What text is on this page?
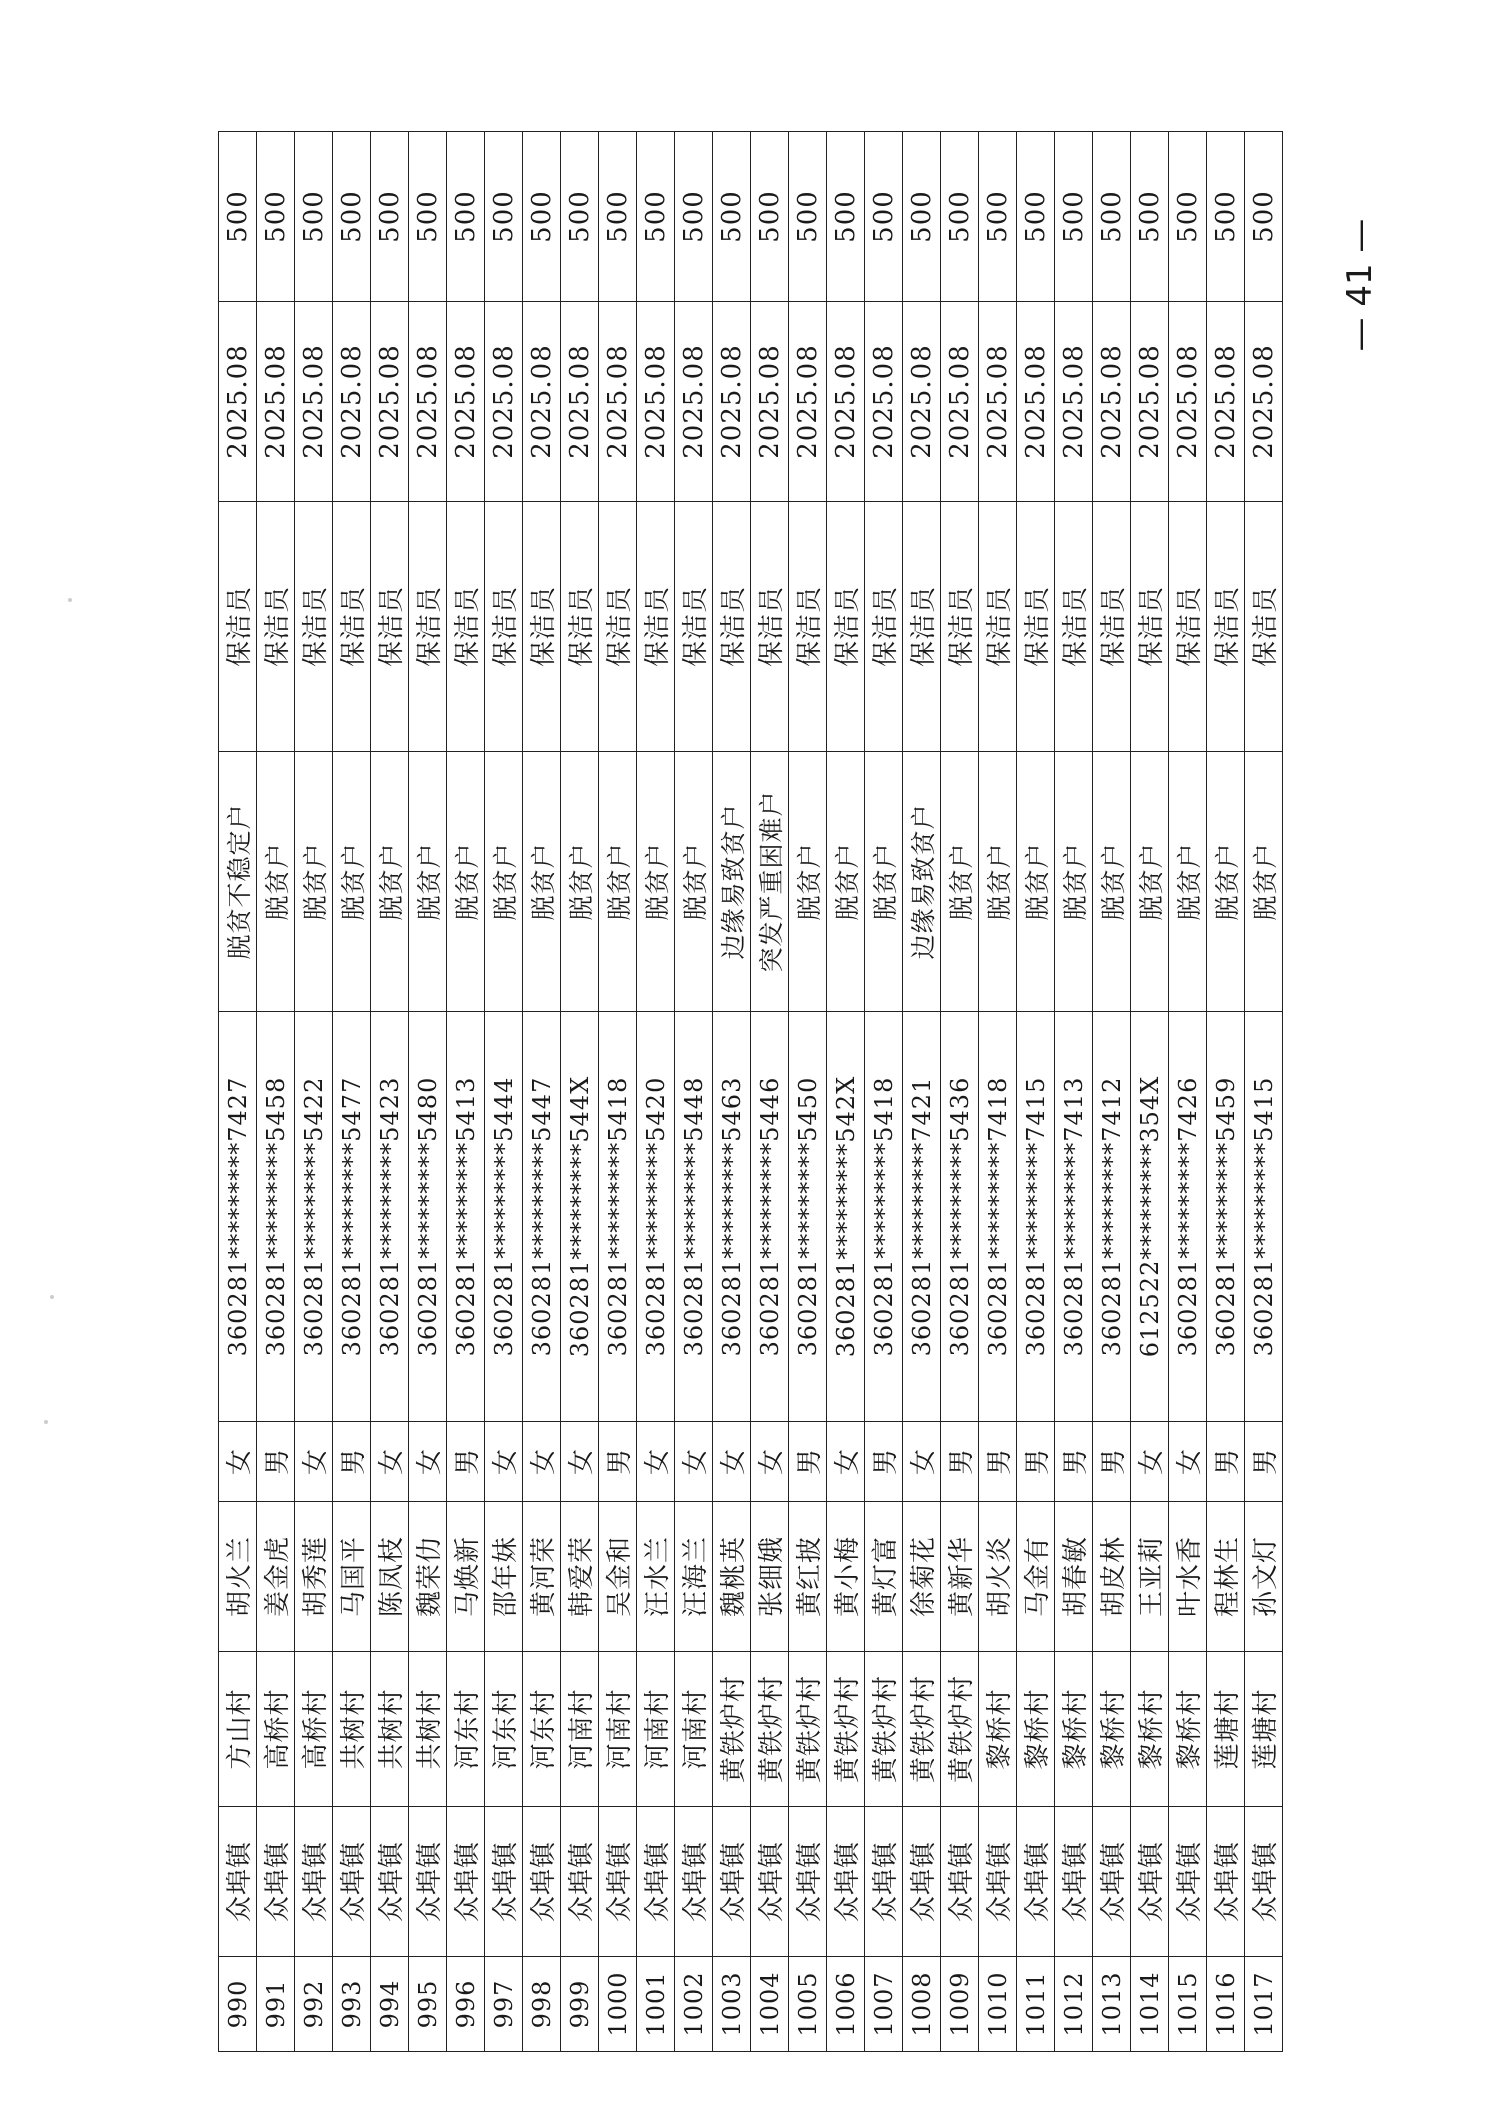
990	众埠镇	方山村	胡火兰	女	360281*********7427	脱贫不稳定户	保洁员	2025.08	500
991	众埠镇	高桥村	姜金虎	男	360281*********5458	脱贫户	保洁员	2025.08	500
992	众埠镇	高桥村	胡秀莲	女	360281*********5422	脱贫户	保洁员	2025.08	500
993	众埠镇	共树村	马国平	男	360281*********5477	脱贫户	保洁员	2025.08	500
994	众埠镇	共树村	陈凤枝	女	360281*********5423	脱贫户	保洁员	2025.08	500
995	众埠镇	共树村	魏荣仂	女	360281*********5480	脱贫户	保洁员	2025.08	500
996	众埠镇	河东村	马焕新	男	360281*********5413	脱贫户	保洁员	2025.08	500
997	众埠镇	河东村	邵年妹	女	360281*********5444	脱贫户	保洁员	2025.08	500
998	众埠镇	河东村	黄河荣	女	360281*********5447	脱贫户	保洁员	2025.08	500
999	众埠镇	河南村	韩爱荣	女	360281*********544X	脱贫户	保洁员	2025.08	500
1000	众埠镇	河南村	吴金和	男	360281*********5418	脱贫户	保洁员	2025.08	500
1001	众埠镇	河南村	汪水兰	女	360281*********5420	脱贫户	保洁员	2025.08	500
1002	众埠镇	河南村	汪海兰	女	360281*********5448	脱贫户	保洁员	2025.08	500
1003	众埠镇	黄铁炉村	魏桃英	女	360281*********5463	边缘易致贫户	保洁员	2025.08	500
1004	众埠镇	黄铁炉村	张细娥	女	360281*********5446	突发严重困难户	保洁员	2025.08	500
1005	众埠镇	黄铁炉村	黄红披	男	360281*********5450	脱贫户	保洁员	2025.08	500
1006	众埠镇	黄铁炉村	黄小梅	女	360281*********542X	脱贫户	保洁员	2025.08	500
1007	众埠镇	黄铁炉村	黄灯富	男	360281*********5418	脱贫户	保洁员	2025.08	500
1008	众埠镇	黄铁炉村	徐菊花	女	360281*********7421	边缘易致贫户	保洁员	2025.08	500
1009	众埠镇	黄铁炉村	黄新华	男	360281*********5436	脱贫户	保洁员	2025.08	500
1010	众埠镇	黎桥村	胡火炎	男	360281*********7418	脱贫户	保洁员	2025.08	500
1011	众埠镇	黎桥村	马金有	男	360281*********7415	脱贫户	保洁员	2025.08	500
1012	众埠镇	黎桥村	胡春敏	男	360281*********7413	脱贫户	保洁员	2025.08	500
1013	众埠镇	黎桥村	胡皮林	男	360281*********7412	脱贫户	保洁员	2025.08	500
1014	众埠镇	黎桥村	王亚莉	女	612522*********354X	脱贫户	保洁员	2025.08	500
1015	众埠镇	黎桥村	叶水香	女	360281*********7426	脱贫户	保洁员	2025.08	500
1016	众埠镇	莲塘村	程林生	男	360281*********5459	脱贫户	保洁员	2025.08	500
1017	众埠镇	莲塘村	孙文灯	男	360281*********5415	脱贫户	保洁员	2025.08	500
— 41 —
